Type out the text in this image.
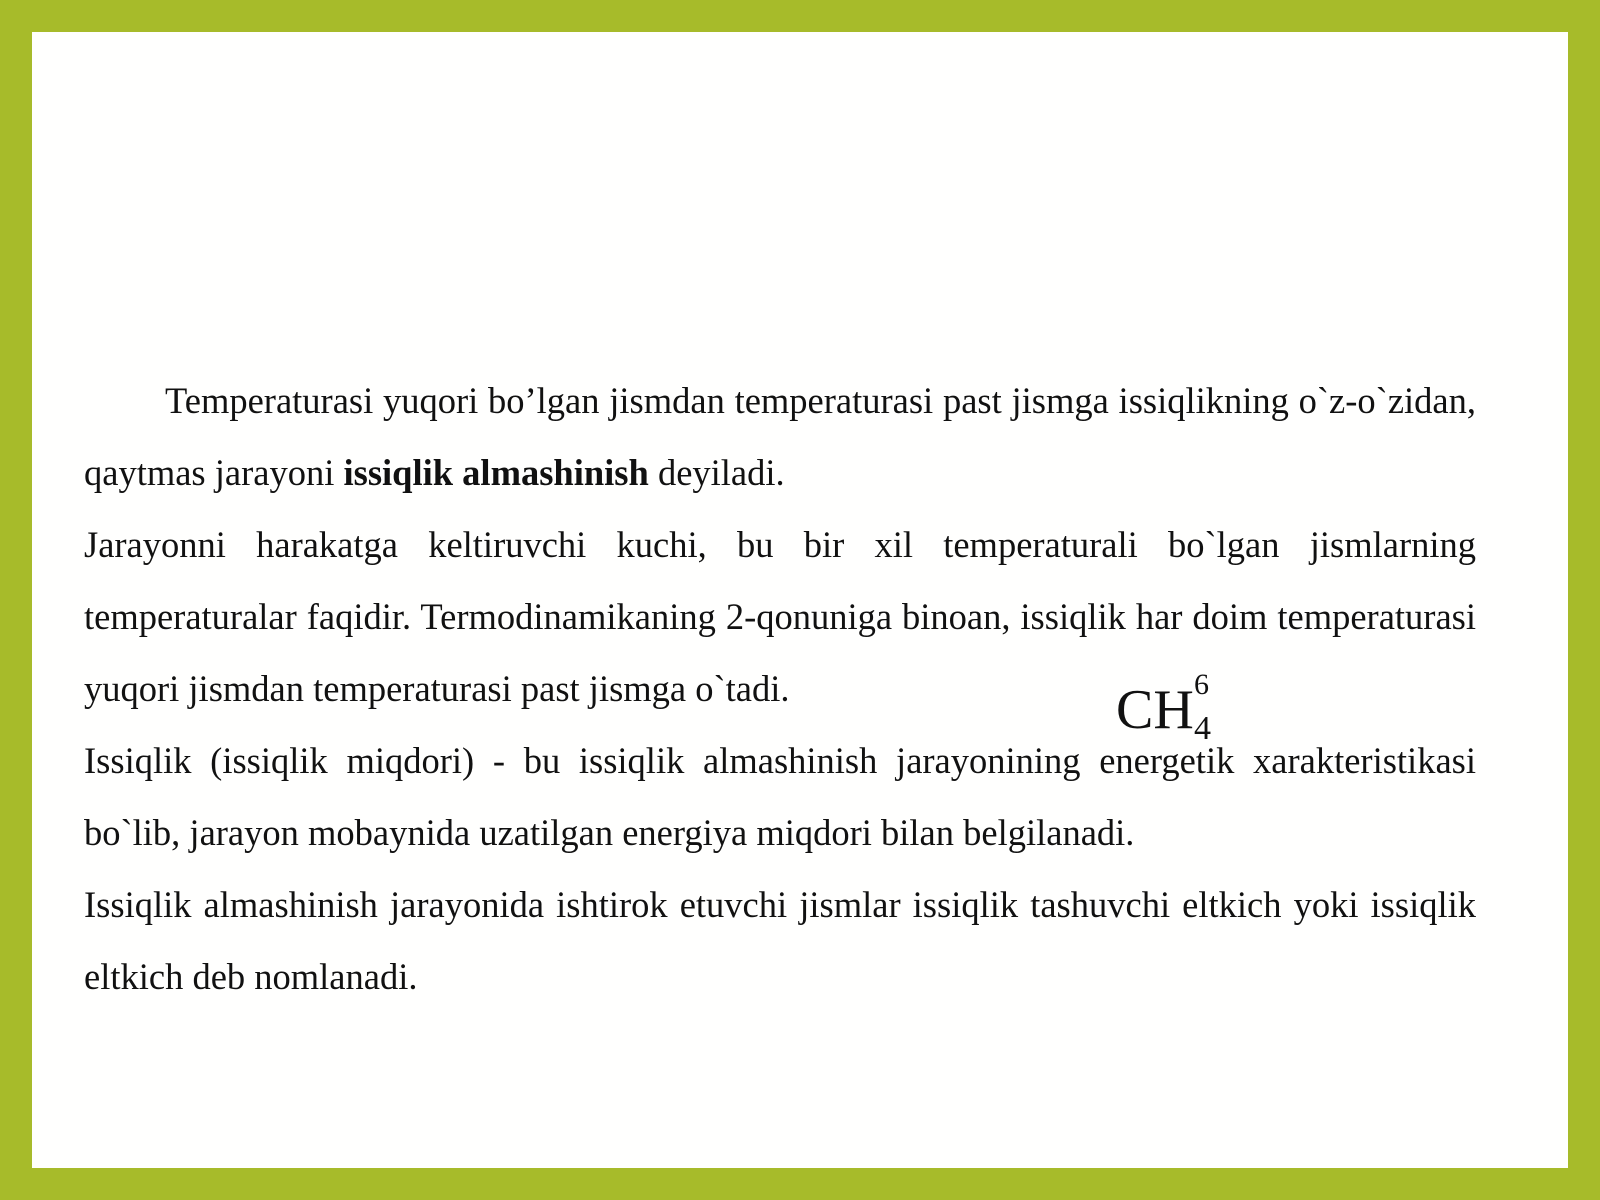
Temperaturasi yuqori bo’lgan jismdan temperaturasi past jismga issiqlikning o`z-o`zidan, qaytmas jarayoni issiqlik almashinish deyiladi.

Jarayonni harakatga keltiruvchi kuchi, bu bir xil temperaturali bo`lgan jismlarning temperaturalar faqidir. Termodinamikaning 2-qonuniga binoan, issiqlik har doim temperaturasi yuqori jismdan temperaturasi past jismga o`tadi.

Issiqlik (issiqlik miqdori) - bu issiqlik almashinish jarayonining energetik xarakteristikasi bo`lib, jarayon mobaynida uzatilgan energiya miqdori bilan belgilanadi.

Issiqlik almashinish jarayonida ishtirok etuvchi jismlar issiqlik tashuvchi eltkich yoki issiqlik eltkich deb nomlanadi.

CH 6
4
